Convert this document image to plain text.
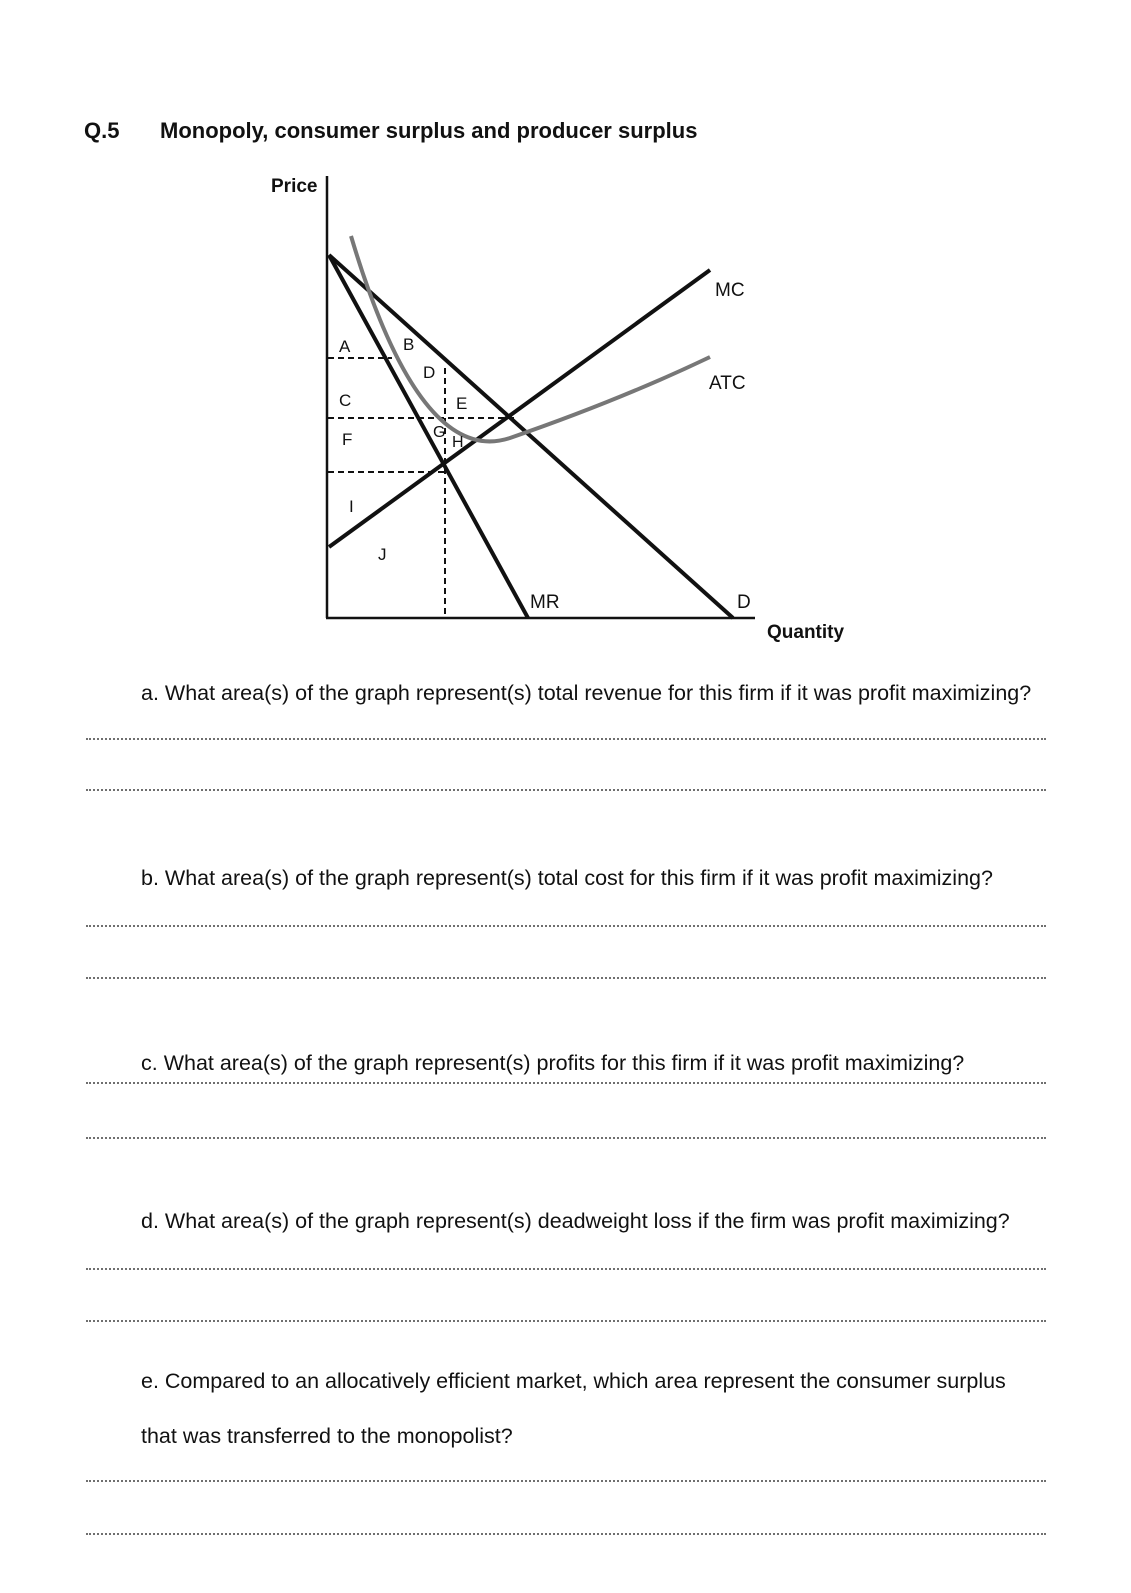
Q.5 Monopoly, consumer surplus and producer surplus
Price
Quantity
MC
ATC
D
MR
A	B
C
D
E
F	G
H
I
J

a. What area(s) of the graph represent(s) total revenue for this firm if it was profit maximizing?

b. What area(s) of the graph represent(s) total cost for this firm if it was profit maximizing?

c. What area(s) of the graph represent(s) profits for this firm if it was profit maximizing?

d. What area(s) of the graph represent(s) deadweight loss if the firm was profit maximizing?

e. Compared to an allocatively efficient market, which area represent the consumer surplus that was transferred to the monopolist?
